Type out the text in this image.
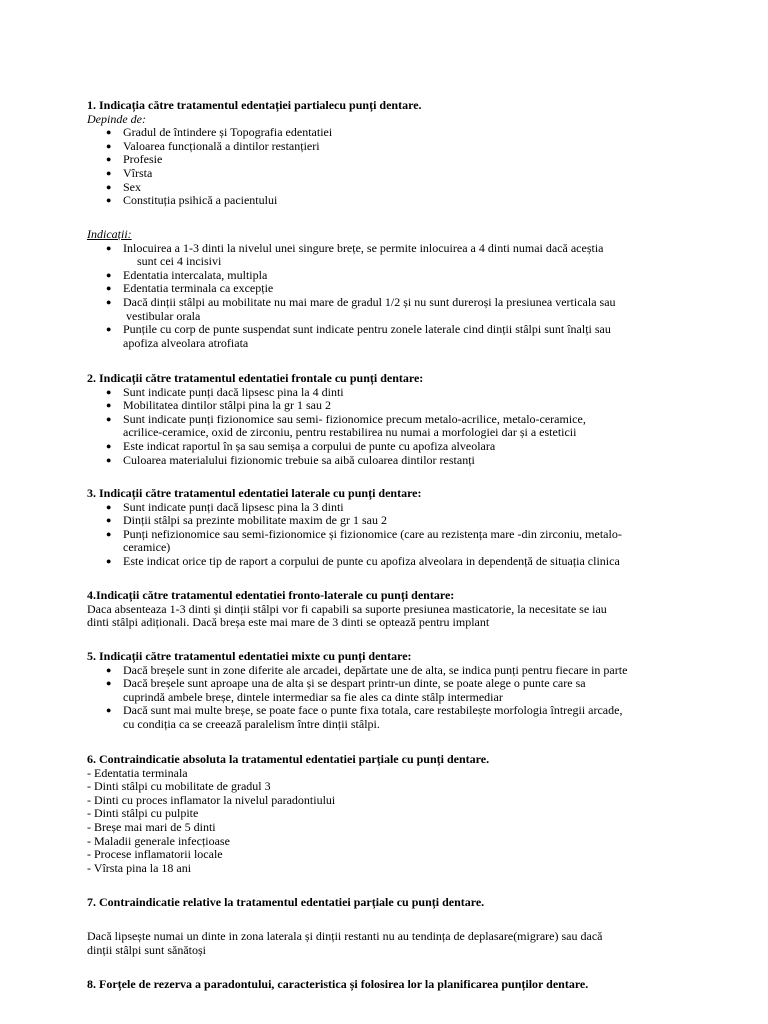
1. Indicația către tratamentul edentației partialecu punți dentare.
Depinde de:
● Gradul de întindere și Topografia edentatiei
● Valoarea funcțională a dintilor restanțieri
● Profesie
● Vîrsta
● Sex
● Constituția psihică a pacientului
Indicații:
● Inlocuirea a 1-3 dinti la nivelul unei singure brețe, se permite inlocuirea a 4 dinti numai dacă aceștia
sunt cei 4 incisivi
● Edentatia intercalata, multipla
● Edentatia terminala ca excepție
● Dacă dinții stâlpi au mobilitate nu mai mare de gradul 1/2 și nu sunt dureroși la presiunea verticala sau
vestibular orala
● Punțile cu corp de punte suspendat sunt indicate pentru zonele laterale cind dinții stâlpi sunt înalți sau
apofiza alveolara atrofiata
2. Indicații către tratamentul edentatiei frontale cu punți dentare:
● Sunt indicate punți dacă lipsesc pina la 4 dinti
● Mobilitatea dintilor stâlpi pina la gr 1 sau 2
● Sunt indicate punți fizionomice sau semi- fizionomice precum metalo-acrilice, metalo-ceramice,
acrilice-ceramice, oxid de zirconiu, pentru restabilirea nu numai a morfologiei dar și a esteticii
● Este indicat raportul în șa sau semișa a corpului de punte cu apofiza alveolara
● Culoarea materialului fizionomic trebuie sa aibă culoarea dintilor restanți
3. Indicații către tratamentul edentatiei laterale cu punți dentare:
● Sunt indicate punți dacă lipsesc pina la 3 dinti
● Dinții stâlpi sa prezinte mobilitate maxim de gr 1 sau 2
● Punți nefizionomice sau semi-fizionomice și fizionomice (care au rezistența mare -din zirconiu, metalo-
ceramice)
● Este indicat orice tip de raport a corpului de punte cu apofiza alveolara in dependență de situația clinica
4.Indicații către tratamentul edentatiei fronto-laterale cu punți dentare:

Daca absenteaza 1-3 dinti și dinții stâlpi vor fi capabili sa suporte presiunea masticatorie, la necesitate se iau

dinti stâlpi adiționali. Dacă breșa este mai mare de 3 dinti se optează pentru implant

5. Indicații către tratamentul edentatiei mixte cu punți dentare:
● Dacă breșele sunt in zone diferite ale arcadei, depărtate une de alta, se indica punți pentru fiecare in parte
● Dacă breșele sunt aproape una de alta și se despart printr-un dinte, se poate alege o punte care sa
cuprindă ambele breșe, dintele intermediar sa fie ales ca dinte stâlp intermediar
● Dacă sunt mai multe breșe, se poate face o punte fixa totala, care restabilește morfologia întregii arcade,
cu condiția ca se creează paralelism între dinții stâlpi.
6. Contraindicatie absoluta la tratamentul edentatiei parțiale cu punți dentare.
- Edentatia terminala
- Dinti stâlpi cu mobilitate de gradul 3
- Dinti cu proces inflamator la nivelul paradontiului
- Dinti stâlpi cu pulpite
- Breșe mai mari de 5 dinti
- Maladii generale infecțioase
- Procese inflamatorii locale
- Vîrsta pina la 18 ani
7. Contraindicatie relative la tratamentul edentatiei parțiale cu punți dentare.

Dacă lipsește numai un dinte in zona laterala și dinții restanti nu au tendința de deplasare(migrare) sau dacă

dinții stâlpi sunt sănătoși

8. Forțele de rezerva a paradontului, caracteristica și folosirea lor la planificarea punților dentare.
